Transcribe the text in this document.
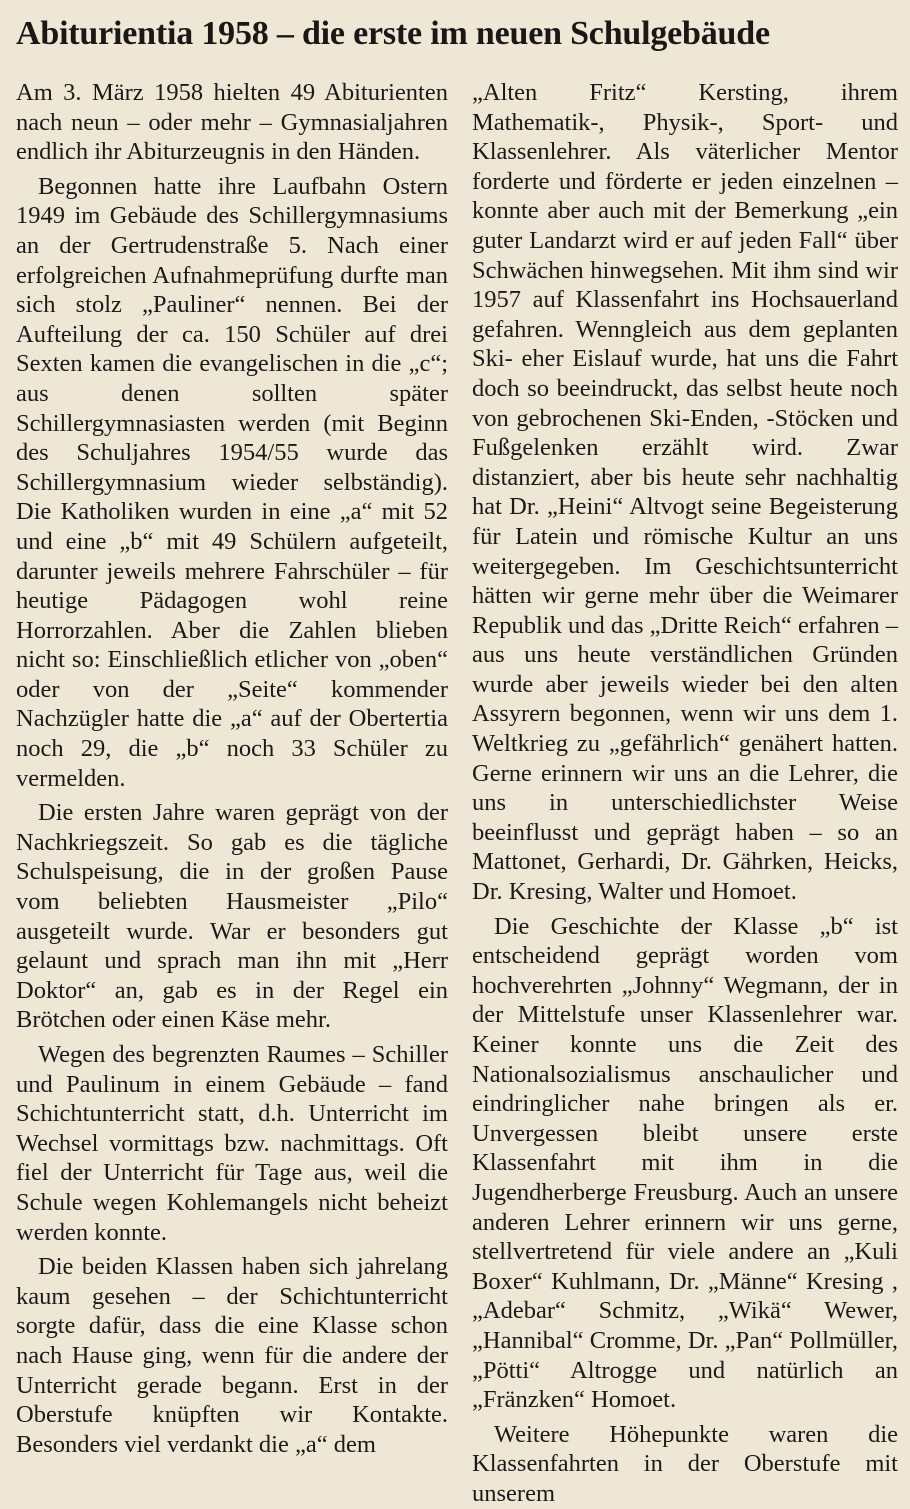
Abiturientia 1958 – die erste im neuen Schulgebäude

Am 3. März 1958 hielten 49 Abiturienten nach neun – oder mehr – Gymnasialjahren endlich ihr Abiturzeugnis in den Händen.

Begonnen hatte ihre Laufbahn Ostern 1949 im Gebäude des Schillergymnasiums an der Gertrudenstraße 5. Nach einer erfolgreichen Aufnahmeprüfung durfte man sich stolz „Pauliner“ nennen. Bei der Aufteilung der ca. 150 Schüler auf drei Sexten kamen die evangelischen in die „c“; aus denen sollten später Schillergymnasiasten werden (mit Beginn des Schuljahres 1954/55 wurde das Schillergymnasium wieder selbständig). Die Katholiken wurden in eine „a“ mit 52 und eine „b“ mit 49 Schülern aufgeteilt, darunter jeweils mehrere Fahrschüler – für heutige Pädagogen wohl reine Horrorzahlen. Aber die Zahlen blieben nicht so: Einschließlich etlicher von „oben“ oder von der „Seite“ kommender Nachzügler hatte die „a“ auf der Obertertia noch 29, die „b“ noch 33 Schüler zu vermelden.

Die ersten Jahre waren geprägt von der Nachkriegszeit. So gab es die tägliche Schulspeisung, die in der großen Pause vom beliebten Hausmeister „Pilo“ ausgeteilt wurde. War er besonders gut gelaunt und sprach man ihn mit „Herr Doktor“ an, gab es in der Regel ein Brötchen oder einen Käse mehr.

Wegen des begrenzten Raumes – Schiller und Paulinum in einem Gebäude – fand Schichtunterricht statt, d.h. Unterricht im Wechsel vormittags bzw. nachmittags. Oft fiel der Unterricht für Tage aus, weil die Schule wegen Kohlemangels nicht beheizt werden konnte.

Die beiden Klassen haben sich jahrelang kaum gesehen – der Schichtunterricht sorgte dafür, dass die eine Klasse schon nach Hause ging, wenn für die andere der Unterricht gerade begann. Erst in der Oberstufe knüpften wir Kontakte. Besonders viel verdankt die „a“ dem

„Alten Fritz“ Kersting, ihrem Mathematik-, Physik-, Sport- und Klassenlehrer. Als väterlicher Mentor forderte und förderte er jeden einzelnen – konnte aber auch mit der Bemerkung „ein guter Landarzt wird er auf jeden Fall“ über Schwächen hinwegsehen. Mit ihm sind wir 1957 auf Klassenfahrt ins Hochsauerland gefahren. Wenngleich aus dem geplanten Ski- eher Eislauf wurde, hat uns die Fahrt doch so beeindruckt, das selbst heute noch von gebrochenen Ski-Enden, -Stöcken und Fußgelenken erzählt wird. Zwar distanziert, aber bis heute sehr nachhaltig hat Dr. „Heini“ Altvogt seine Begeisterung für Latein und römische Kultur an uns weitergegeben. Im Geschichtsunterricht hätten wir gerne mehr über die Weimarer Republik und das „Dritte Reich“ erfahren – aus uns heute verständlichen Gründen wurde aber jeweils wieder bei den alten Assyrern begonnen, wenn wir uns dem 1. Weltkrieg zu „gefährlich“ genähert hatten. Gerne erinnern wir uns an die Lehrer, die uns in unterschiedlichster Weise beeinflusst und geprägt haben – so an Mattonet, Gerhardi, Dr. Gährken, Heicks, Dr. Kresing, Walter und Homoet.

Die Geschichte der Klasse „b“ ist entscheidend geprägt worden vom hochverehrten „Johnny“ Wegmann, der in der Mittelstufe unser Klassenlehrer war. Keiner konnte uns die Zeit des Nationalsozialismus anschaulicher und eindringlicher nahe bringen als er. Unvergessen bleibt unsere erste Klassenfahrt mit ihm in die Jugendherberge Freusburg. Auch an unsere anderen Lehrer erinnern wir uns gerne, stellvertretend für viele andere an „Kuli Boxer“ Kuhlmann, Dr. „Männe“ Kresing , „Adebar“ Schmitz, „Wikä“ Wewer, „Hannibal“ Cromme, Dr. „Pan“ Pollmüller, „Pötti“ Altrogge und natürlich an „Fränzken“ Homoet.

Weitere Höhepunkte waren die Klassenfahrten in der Oberstufe mit unserem
